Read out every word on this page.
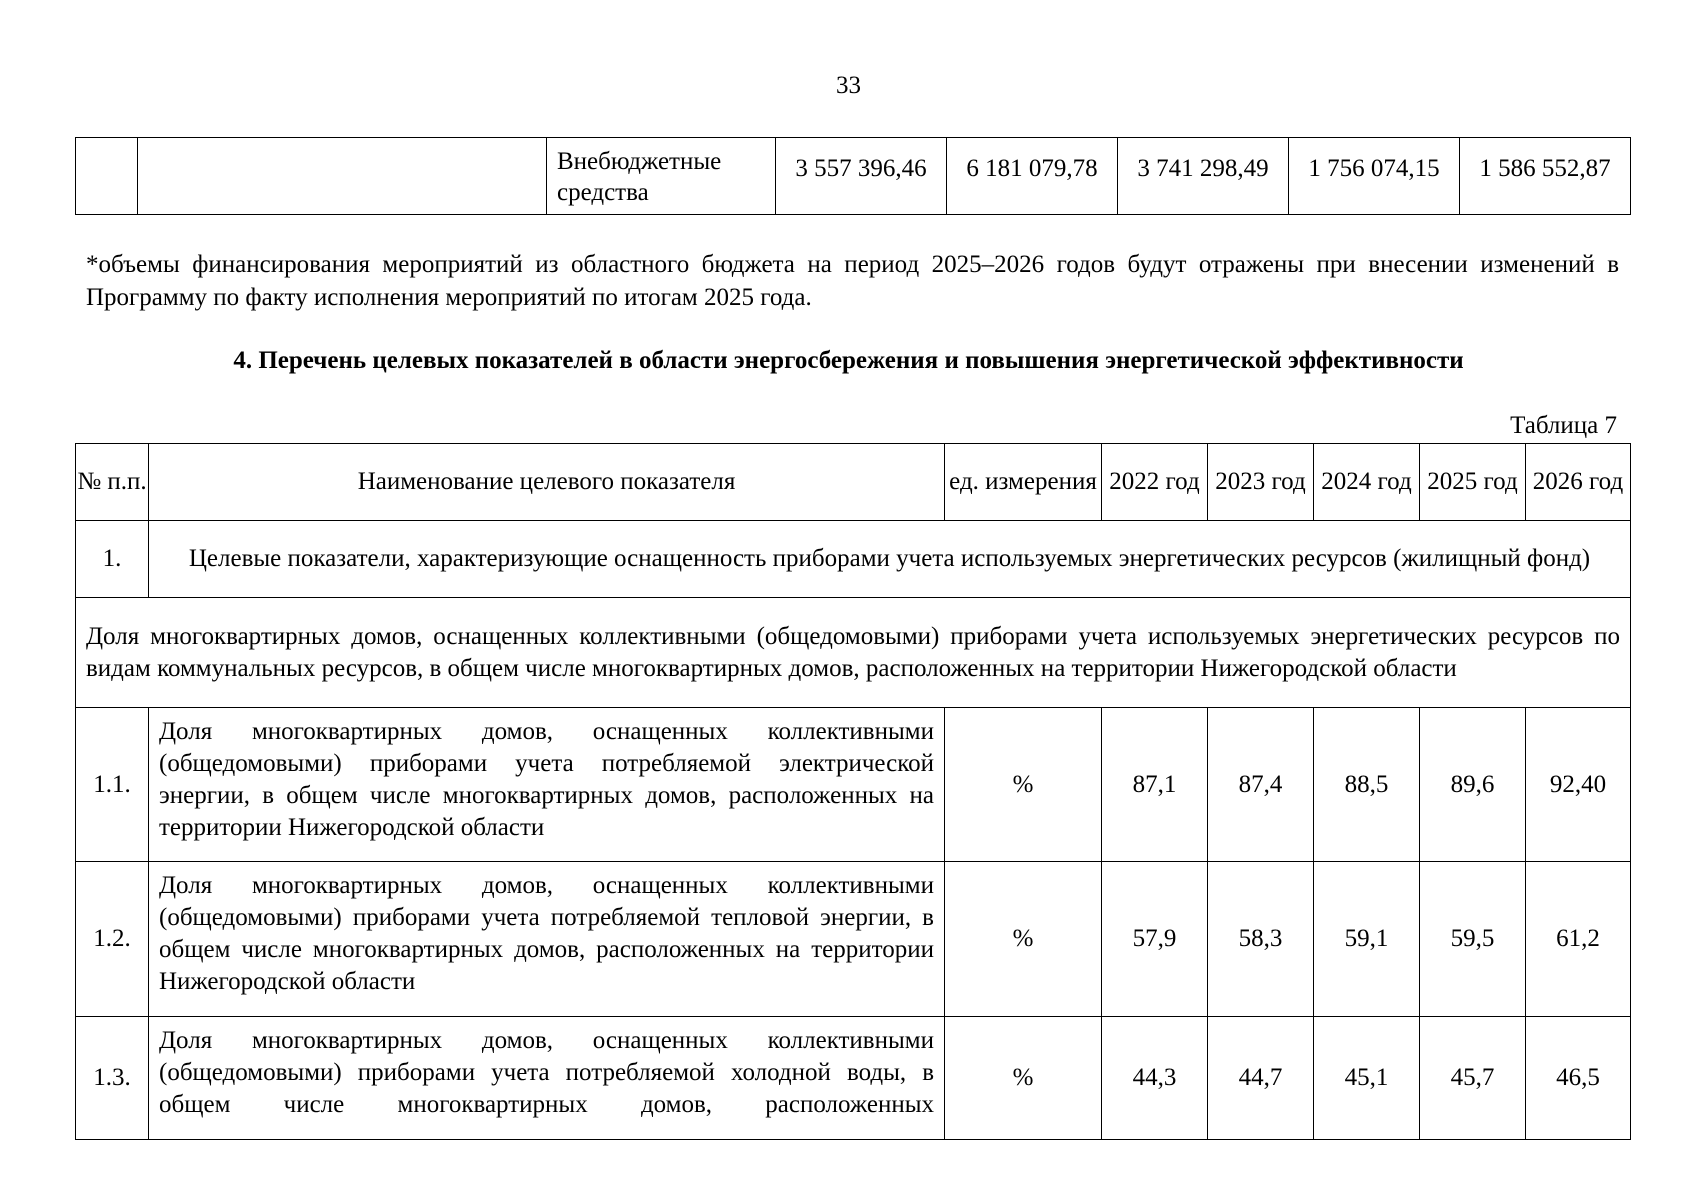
33
		Внебюджетные средства	3 557 396,46	6 181 079,78	3 741 298,49	1 756 074,15	1 586 552,87
*объемы финансирования мероприятий из областного бюджета на период 2025–2026 годов будут отражены при внесении изменений в Программу по факту исполнения мероприятий по итогам 2025 года.
4. Перечень целевых показателей в области энергосбережения и повышения энергетической эффективности
Таблица 7
№ п.п.	Наименование целевого показателя	ед. измерения	2022 год	2023 год	2024 год	2025 год	2026 год
1.	Целевые показатели, характеризующие оснащенность приборами учета используемых энергетических ресурсов (жилищный фонд)						
Доля многоквартирных домов, оснащенных коллективными (общедомовыми) приборами учета используемых энергетических ресурсов по видам коммунальных ресурсов, в общем числе многоквартирных домов, расположенных на территории Нижегородской области							
1.1.	Доля многоквартирных домов, оснащенных коллективными (общедомовыми) приборами учета потребляемой электрической энергии, в общем числе многоквартирных домов, расположенных на территории Нижегородской области	%	87,1	87,4	88,5	89,6	92,40
1.2.	Доля многоквартирных домов, оснащенных коллективными (общедомовыми) приборами учета потребляемой тепловой энергии, в общем числе многоквартирных домов, расположенных на территории Нижегородской области	%	57,9	58,3	59,1	59,5	61,2
1.3.	Доля многоквартирных домов, оснащенных коллективными (общедомовыми) приборами учета потребляемой холодной воды, в общем числе многоквартирных домов, расположенных	%	44,3	44,7	45,1	45,7	46,5
